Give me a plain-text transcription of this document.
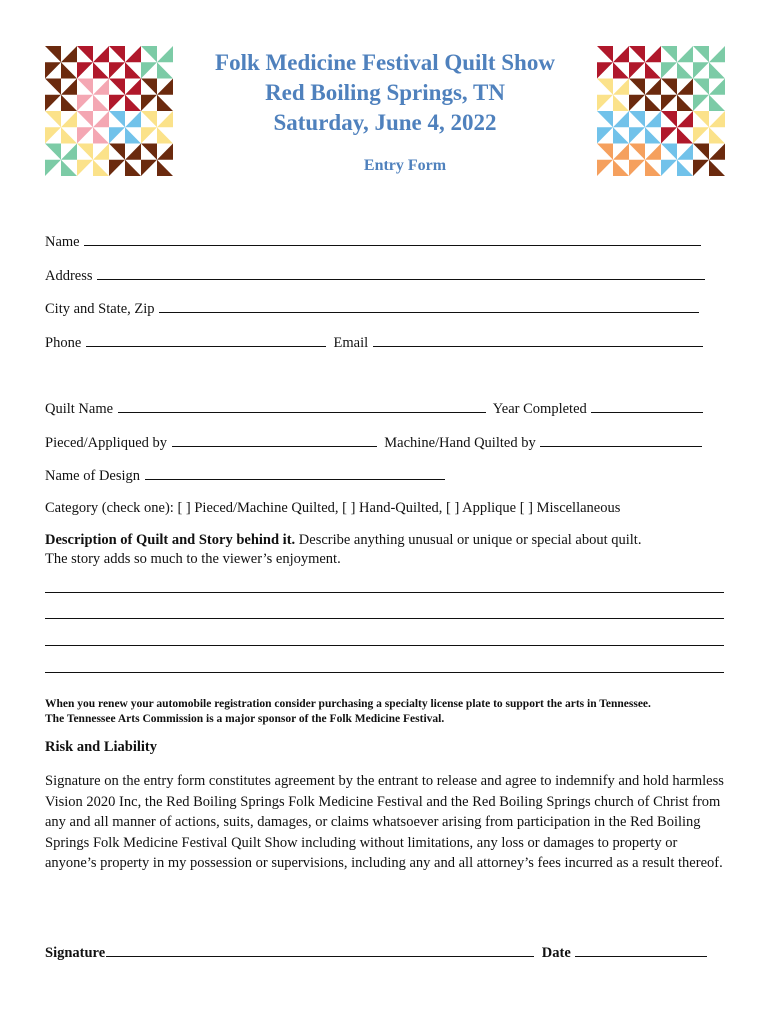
Folk Medicine Festival Quilt Show
Red Boiling Springs, TN
Saturday, June 4, 2022
Entry Form
Name
Address
City and State, Zip
Phone	Email
Quilt Name	Year Completed
Pieced/Appliqued by	Machine/Hand Quilted by
Name of Design
Category (check one): [ ] Pieced/Machine Quilted, [ ] Hand-Quilted, [ ] Applique [ ] Miscellaneous
Description of Quilt and Story behind it. Describe anything unusual or unique or special about quilt.
The story adds so much to the viewer’s enjoyment.
When you renew your automobile registration consider purchasing a specialty license plate to support the arts in Tennessee.
The Tennessee Arts Commission is a major sponsor of the Folk Medicine Festival.
Risk and Liability
Signature on the entry form constitutes agreement by the entrant to release and agree to indemnify and hold harmless Vision 2020 Inc, the Red Boiling Springs Folk Medicine Festival and the Red Boiling Springs church of Christ from any and all manner of actions, suits, damages, or claims whatsoever arising from participation in the Red Boiling Springs Folk Medicine Festival Quilt Show including without limitations, any loss or damages to property or anyone’s property in my possession or supervisions, including any and all attorney’s fees incurred as a result thereof.
Signature	Date
